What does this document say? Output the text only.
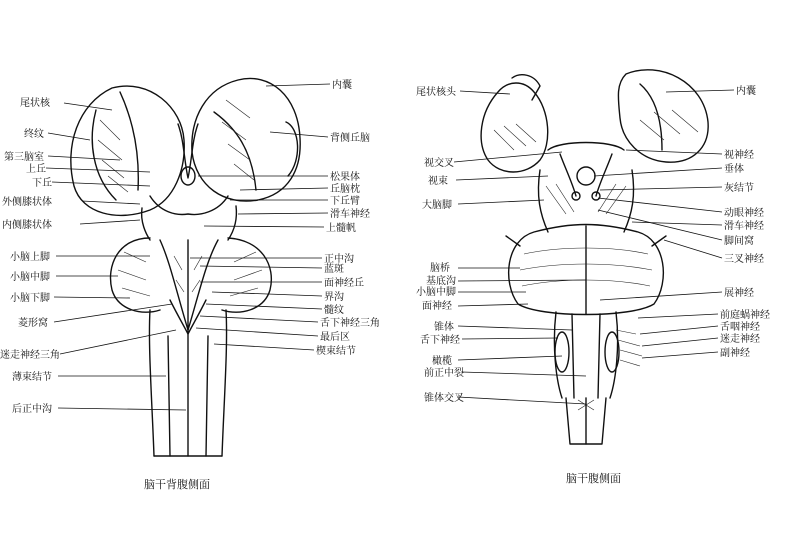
尾状核
终纹
第三脑室
上丘
下丘
外侧膝状体
内侧膝状体
小脑上脚
小脑中脚
小脑下脚
菱形窝
迷走神经三角
薄束结节
后正中沟
内囊
背侧丘脑
松果体
丘脑枕
下丘臂
滑车神经
上髓帆
正中沟
蓝斑
面神经丘
界沟
髓纹
舌下神经三角
最后区
楔束结节
脑干背腹侧面
尾状核头
视交叉
视束
大脑脚
脑桥
基底沟
小脑中脚
面神经
锥体
舌下神经
橄榄
前正中裂
锥体交叉
内囊
视神经
垂体
灰结节
动眼神经
滑车神经
脚间窝
三叉神经
展神经
前庭蜗神经
舌咽神经
迷走神经
副神经
脑干腹侧面
